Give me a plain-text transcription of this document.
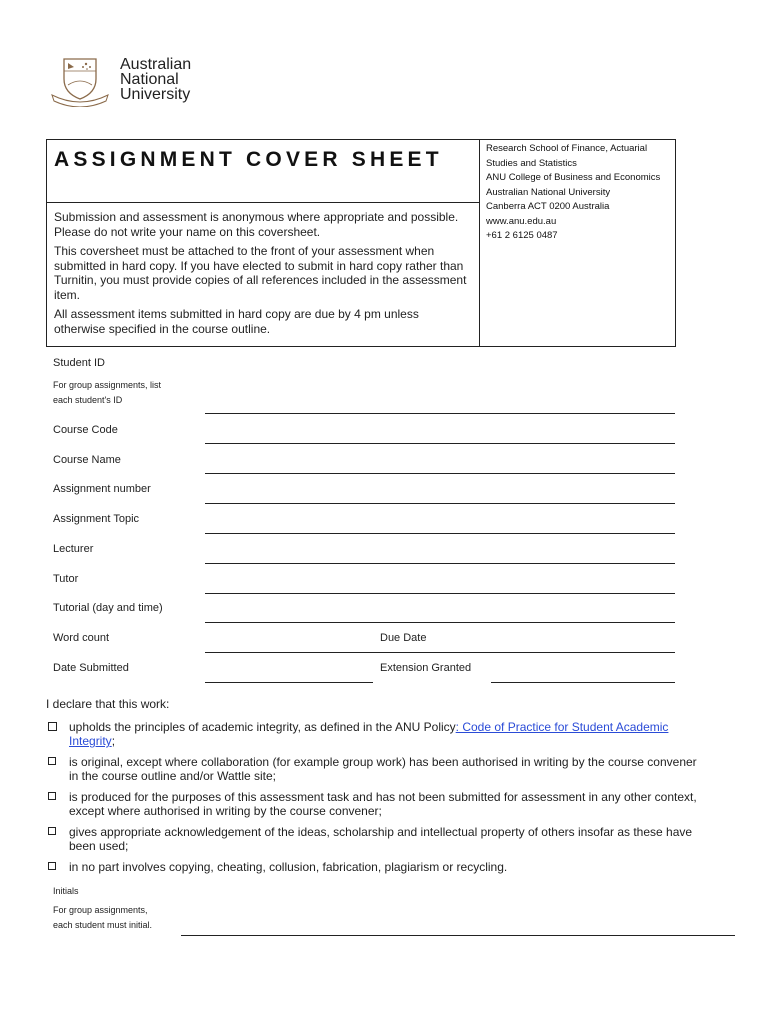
Australian
National
University
ASSIGNMENT COVER SHEET

Submission and assessment is anonymous where appropriate and possible. Please do not write your name on this coversheet.

This coversheet must be attached to the front of your assessment when submitted in hard copy. If you have elected to submit in hard copy rather than Turnitin, you must provide copies of all references included in the assessment item.

All assessment items submitted in hard copy are due by 4 pm unless otherwise specified in the course outline.

Research School of Finance, Actuarial Studies and Statistics
ANU College of Business and Economics
Australian National University
Canberra ACT 0200 Australia
www.anu.edu.au
+61 2 6125 0487
Student ID
For group assignments, list
each student's ID
Course Code
Course Name
Assignment number
Assignment Topic
Lecturer
Tutor
Tutorial (day and time)
Word count	Due Date
Date Submitted	Extension Granted
I declare that this work:
upholds the principles of academic integrity, as defined in the ANU Policy: Code of Practice for Student Academic Integrity;
is original, except where collaboration (for example group work) has been authorised in writing by the course convener in the course outline and/or Wattle site;
is produced for the purposes of this assessment task and has not been submitted for assessment in any other context, except where authorised in writing by the course convener;
gives appropriate acknowledgement of the ideas, scholarship and intellectual property of others insofar as these have been used;
in no part involves copying, cheating, collusion, fabrication, plagiarism or recycling.
Initials
For group assignments,
each student must initial.
